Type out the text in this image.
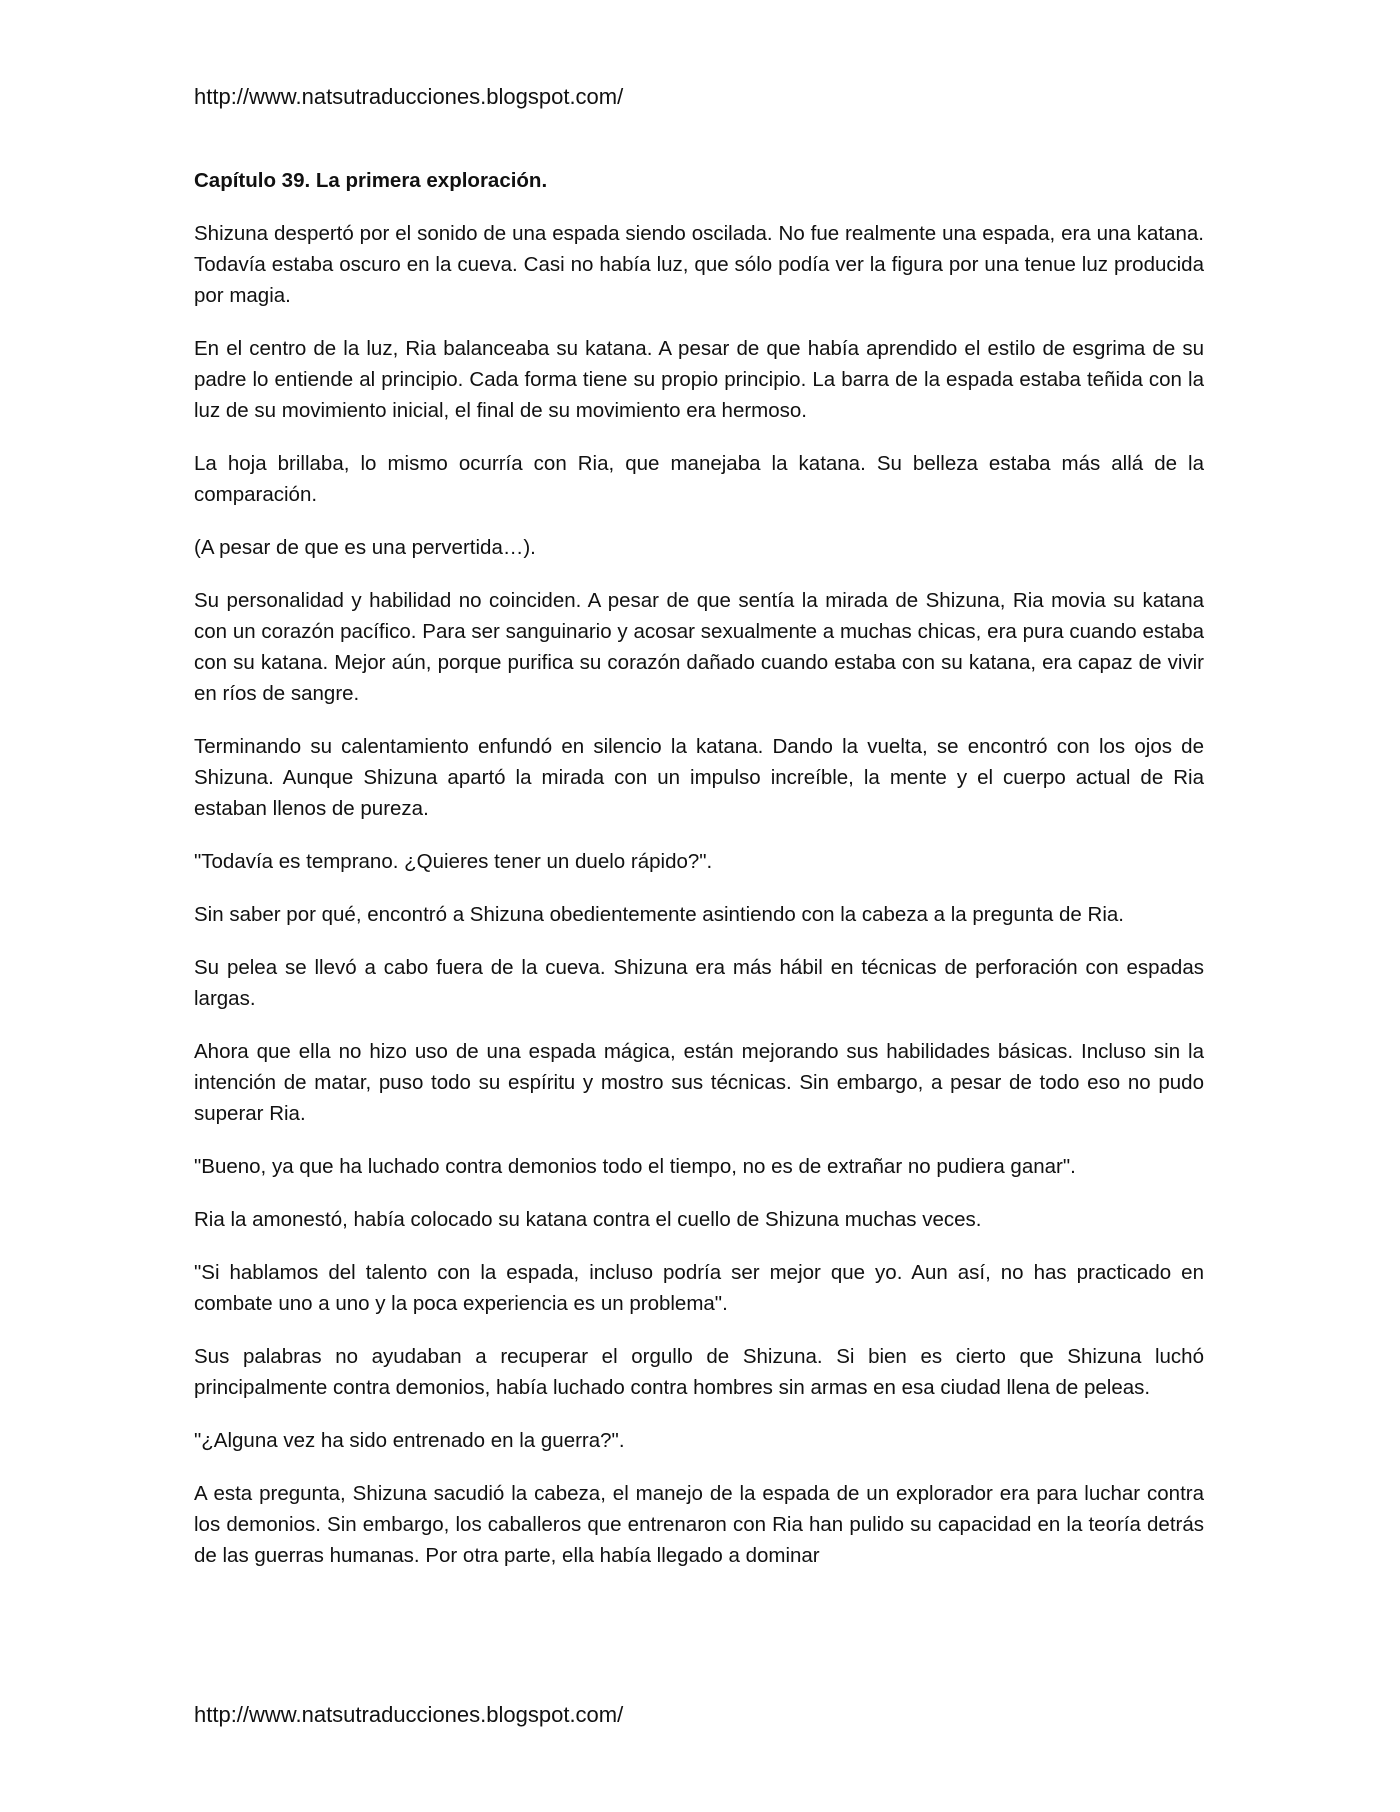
http://www.natsutraducciones.blogspot.com/
Capítulo 39. La primera exploración.

Shizuna despertó por el sonido de una espada siendo oscilada. No fue realmente una espada, era una katana. Todavía estaba oscuro en la cueva. Casi no había luz, que sólo podía ver la figura por una tenue luz producida por magia.

En el centro de la luz, Ria balanceaba su katana. A pesar de que había aprendido el estilo de esgrima de su padre lo entiende al principio. Cada forma tiene su propio principio. La barra de la espada estaba teñida con la luz de su movimiento inicial, el final de su movimiento era hermoso.

La hoja brillaba, lo mismo ocurría con Ria, que manejaba la katana. Su belleza estaba más allá de la comparación.

(A pesar de que es una pervertida…).

Su personalidad y habilidad no coinciden. A pesar de que sentía la mirada de Shizuna, Ria movia su katana con un corazón pacífico. Para ser sanguinario y acosar sexualmente a muchas chicas, era pura cuando estaba con su katana. Mejor aún, porque purifica su corazón dañado cuando estaba con su katana, era capaz de vivir en ríos de sangre.

Terminando su calentamiento enfundó en silencio la katana. Dando la vuelta, se encontró con los ojos de Shizuna. Aunque Shizuna apartó la mirada con un impulso increíble, la mente y el cuerpo actual de Ria estaban llenos de pureza.

"Todavía es temprano. ¿Quieres tener un duelo rápido?".

Sin saber por qué, encontró a Shizuna obedientemente asintiendo con la cabeza a la pregunta de Ria.

Su pelea se llevó a cabo fuera de la cueva. Shizuna era más hábil en técnicas de perforación con espadas largas.

Ahora que ella no hizo uso de una espada mágica, están mejorando sus habilidades básicas. Incluso sin la intención de matar, puso todo su espíritu y mostro sus técnicas. Sin embargo, a pesar de todo eso no pudo superar Ria.

"Bueno, ya que ha luchado contra demonios todo el tiempo, no es de extrañar no pudiera ganar".

Ria la amonestó, había colocado su katana contra el cuello de Shizuna muchas veces.

"Si hablamos del talento con la espada, incluso podría ser mejor que yo. Aun así, no has practicado en combate uno a uno y la poca experiencia es un problema".

Sus palabras no ayudaban a recuperar el orgullo de Shizuna. Si bien es cierto que Shizuna luchó principalmente contra demonios, había luchado contra hombres sin armas en esa ciudad llena de peleas.

"¿Alguna vez ha sido entrenado en la guerra?".

A esta pregunta, Shizuna sacudió la cabeza, el manejo de la espada de un explorador era para luchar contra los demonios. Sin embargo, los caballeros que entrenaron con Ria han pulido su capacidad en la teoría detrás de las guerras humanas. Por otra parte, ella había llegado a dominar

http://www.natsutraducciones.blogspot.com/
